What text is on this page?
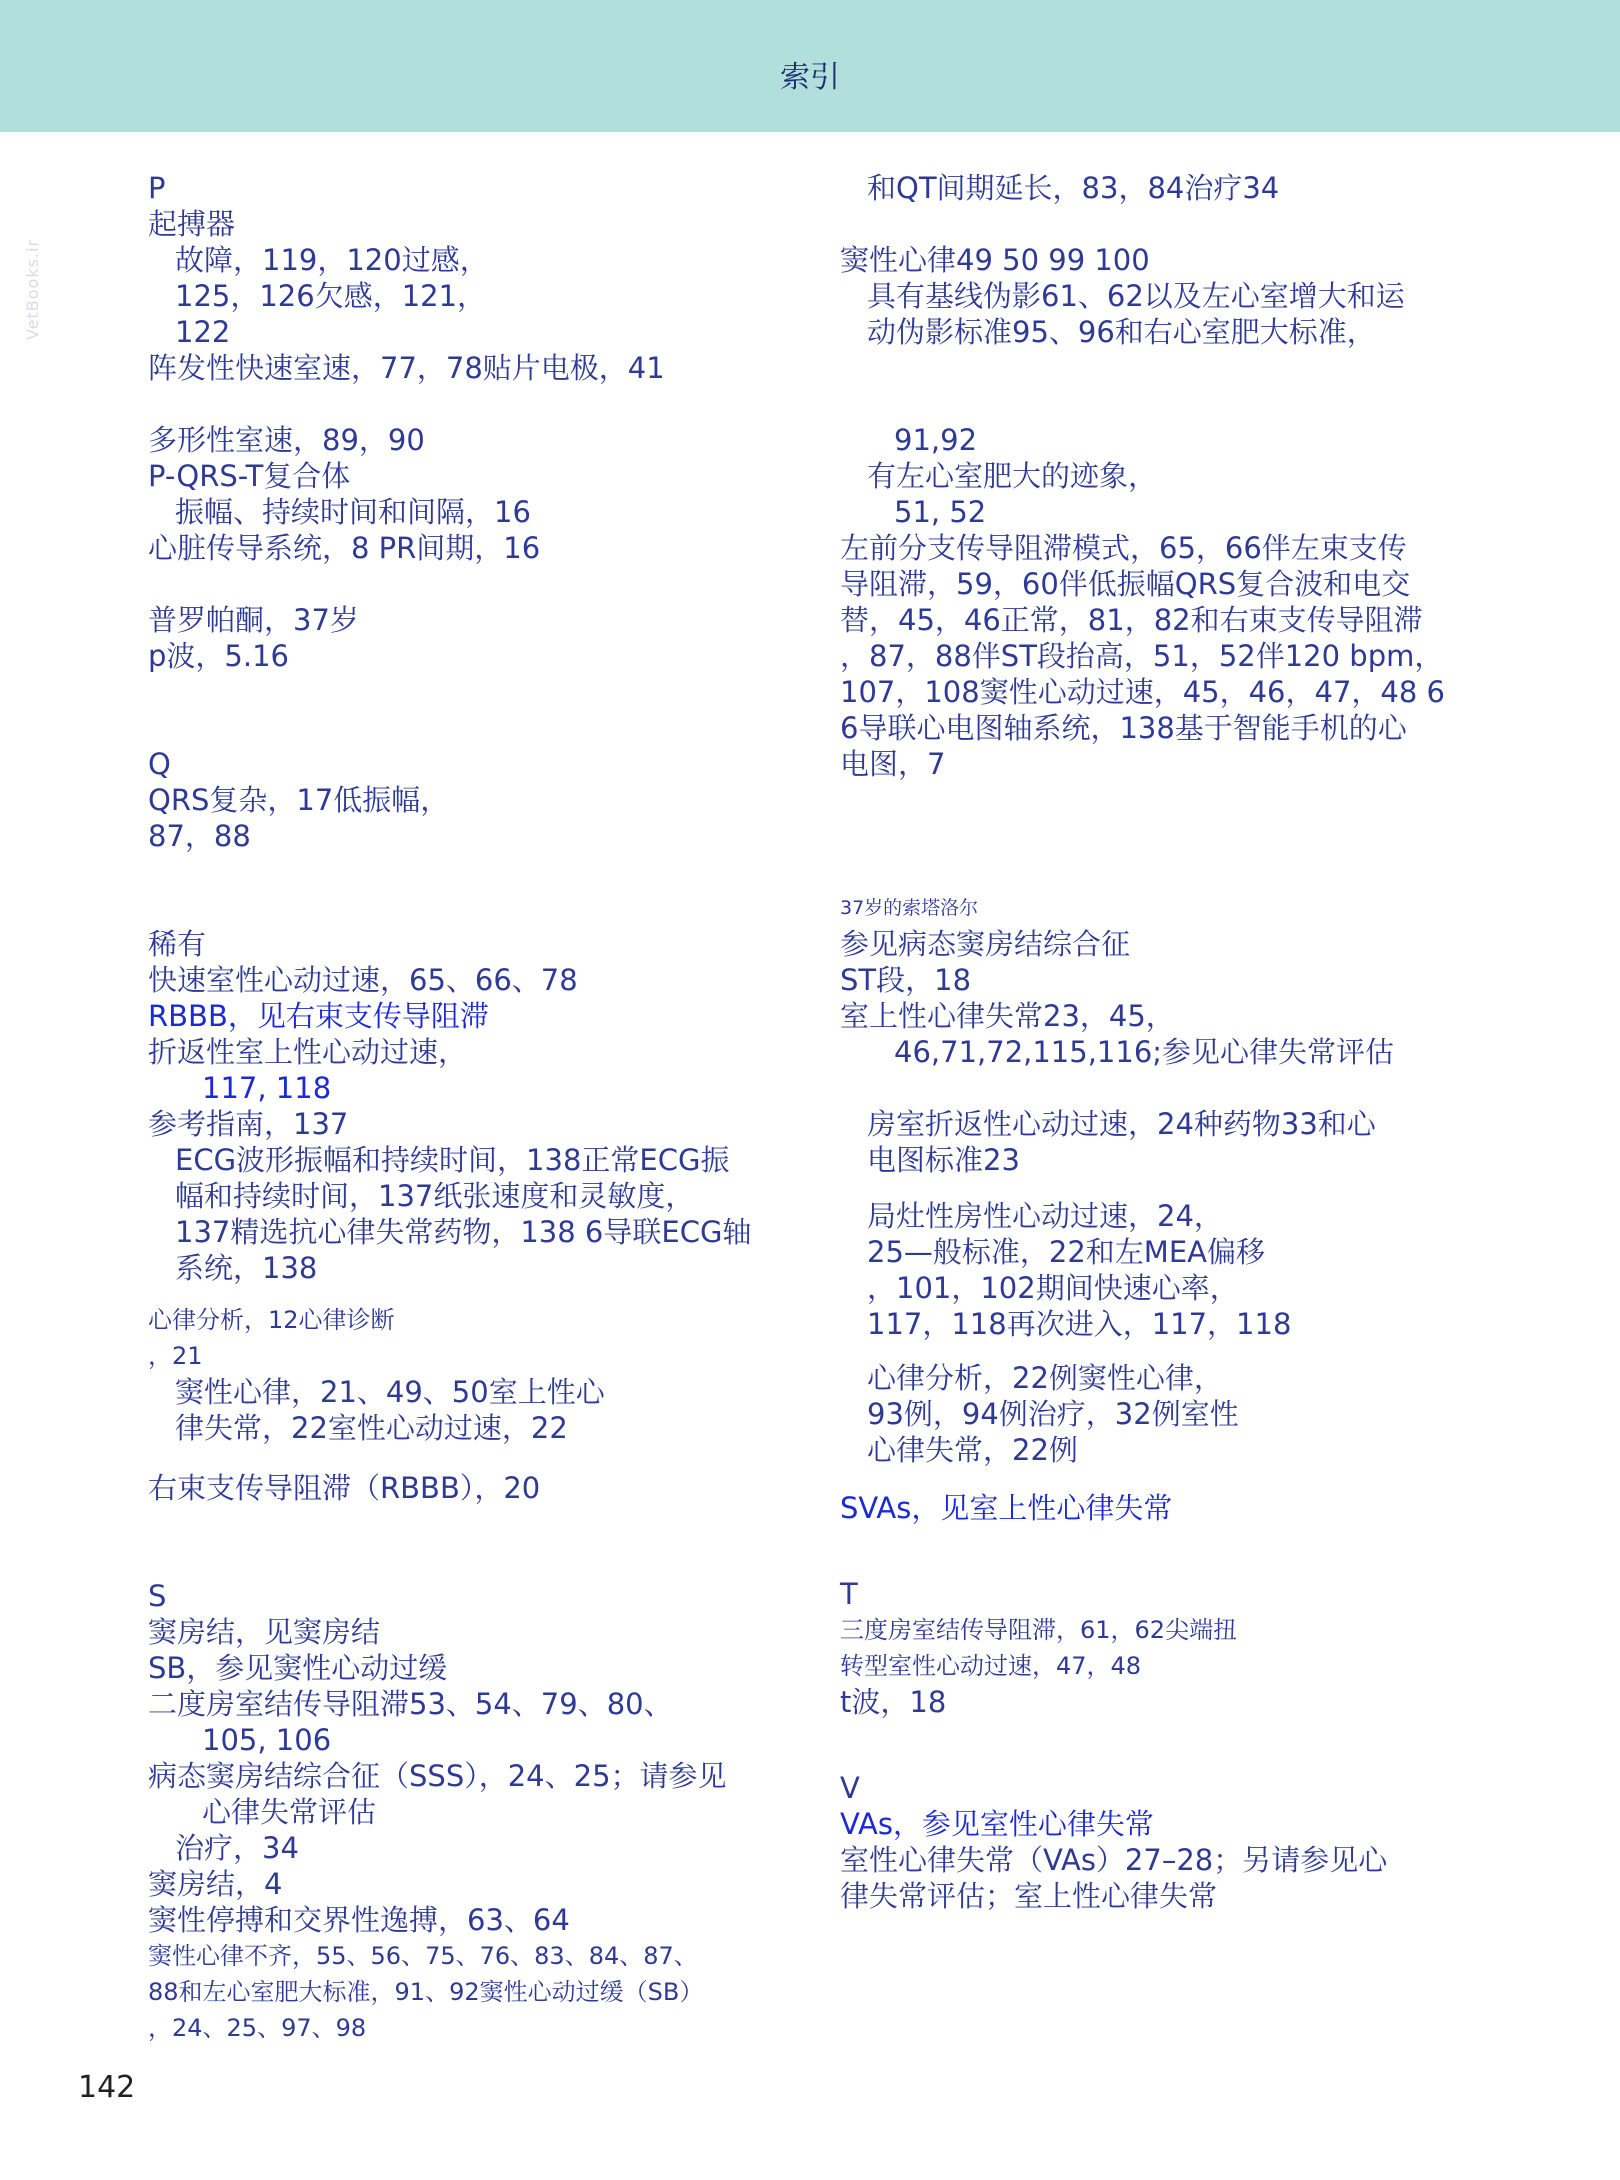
索引
VetBooks.ir
P
起搏器
故障，119，120过感，
125，126欠感，121，
122
阵发性快速室速，77，78贴片电极，41
多形性室速，89，90
P-QRS-T复合体
振幅、持续时间和间隔，16
心脏传导系统，8 PR间期，16
普罗帕酮，37岁
p波，5.16
Q
QRS复杂，17低振幅，
87，88
稀有
快速室性心动过速，65、66、78
RBBB，见右束支传导阻滞
折返性室上性心动过速，
117, 118
参考指南，137
ECG波形振幅和持续时间，138正常ECG振
幅和持续时间，137纸张速度和灵敏度，
137精选抗心律失常药物，138 6导联ECG轴
系统，138
心律分析，12心律诊断
，21
窦性心律，21、49、50室上性心
律失常，22室性心动过速，22
右束支传导阻滞（RBBB），20
S
窦房结，见窦房结
SB，参见窦性心动过缓
二度房室结传导阻滞53、54、79、80、
105, 106
病态窦房结综合征（SSS），24、25；请参见
心律失常评估
治疗，34
窦房结，4
窦性停搏和交界性逸搏，63、64
窦性心律不齐，55、56、75、76、83、84、87、
88和左心室肥大标准，91、92窦性心动过缓（SB）
，24、25、97、98
和QT间期延长，83，84治疗34
窦性心律49 50 99 100
具有基线伪影61、62以及左心室增大和运
动伪影标准95、96和右心室肥大标准，
91,92
有左心室肥大的迹象，
51, 52
左前分支传导阻滞模式，65，66伴左束支传
导阻滞，59，60伴低振幅QRS复合波和电交
替，45，46正常，81，82和右束支传导阻滞
，87，88伴ST段抬高，51，52伴120 bpm，
107，108窦性心动过速，45，46，47，48 6
6导联心电图轴系统，138基于智能手机的心
电图，7
37岁的索塔洛尔
参见病态窦房结综合征
ST段，18
室上性心律失常23，45，
46,71,72,115,116;参见心律失常评估
房室折返性心动过速，24种药物33和心
电图标准23
局灶性房性心动过速，24，
25—般标准，22和左MEA偏移
，101，102期间快速心率，
117，118再次进入，117，118
心律分析，22例窦性心律，
93例，94例治疗，32例室性
心律失常，22例
SVAs，见室上性心律失常
T
三度房室结传导阻滞，61，62尖端扭
转型室性心动过速，47，48
t波，18
V
VAs，参见室性心律失常
室性心律失常（VAs）27–28；另请参见心
律失常评估；室上性心律失常
142
